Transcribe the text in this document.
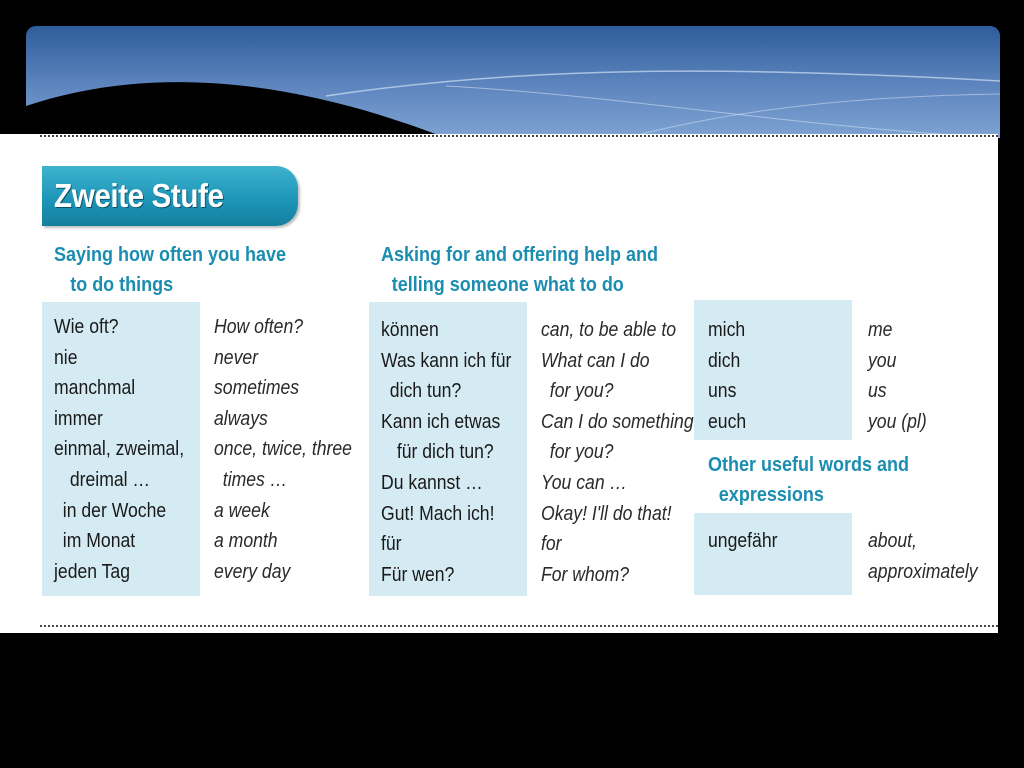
Zweite Stufe
Saying how often you have
to do things
Wie oft?
nie
manchmal
immer
einmal, zweimal,
dreimal …
in der Woche
im Monat
jeden Tag
How often?
never
sometimes
always
once, twice, three
times …
a week
a month
every day
Asking for and offering help and
telling someone what to do
können
Was kann ich für
dich tun?
Kann ich etwas
für dich tun?
Du kannst …
Gut! Mach ich!
für
Für wen?
can, to be able to
What can I do
for you?
Can I do something
for you?
You can …
Okay! I'll do that!
for
For whom?
mich
dich
uns
euch
me
you
us
you (pl)
Other useful words and
expressions
ungefähr	about,
approximately
